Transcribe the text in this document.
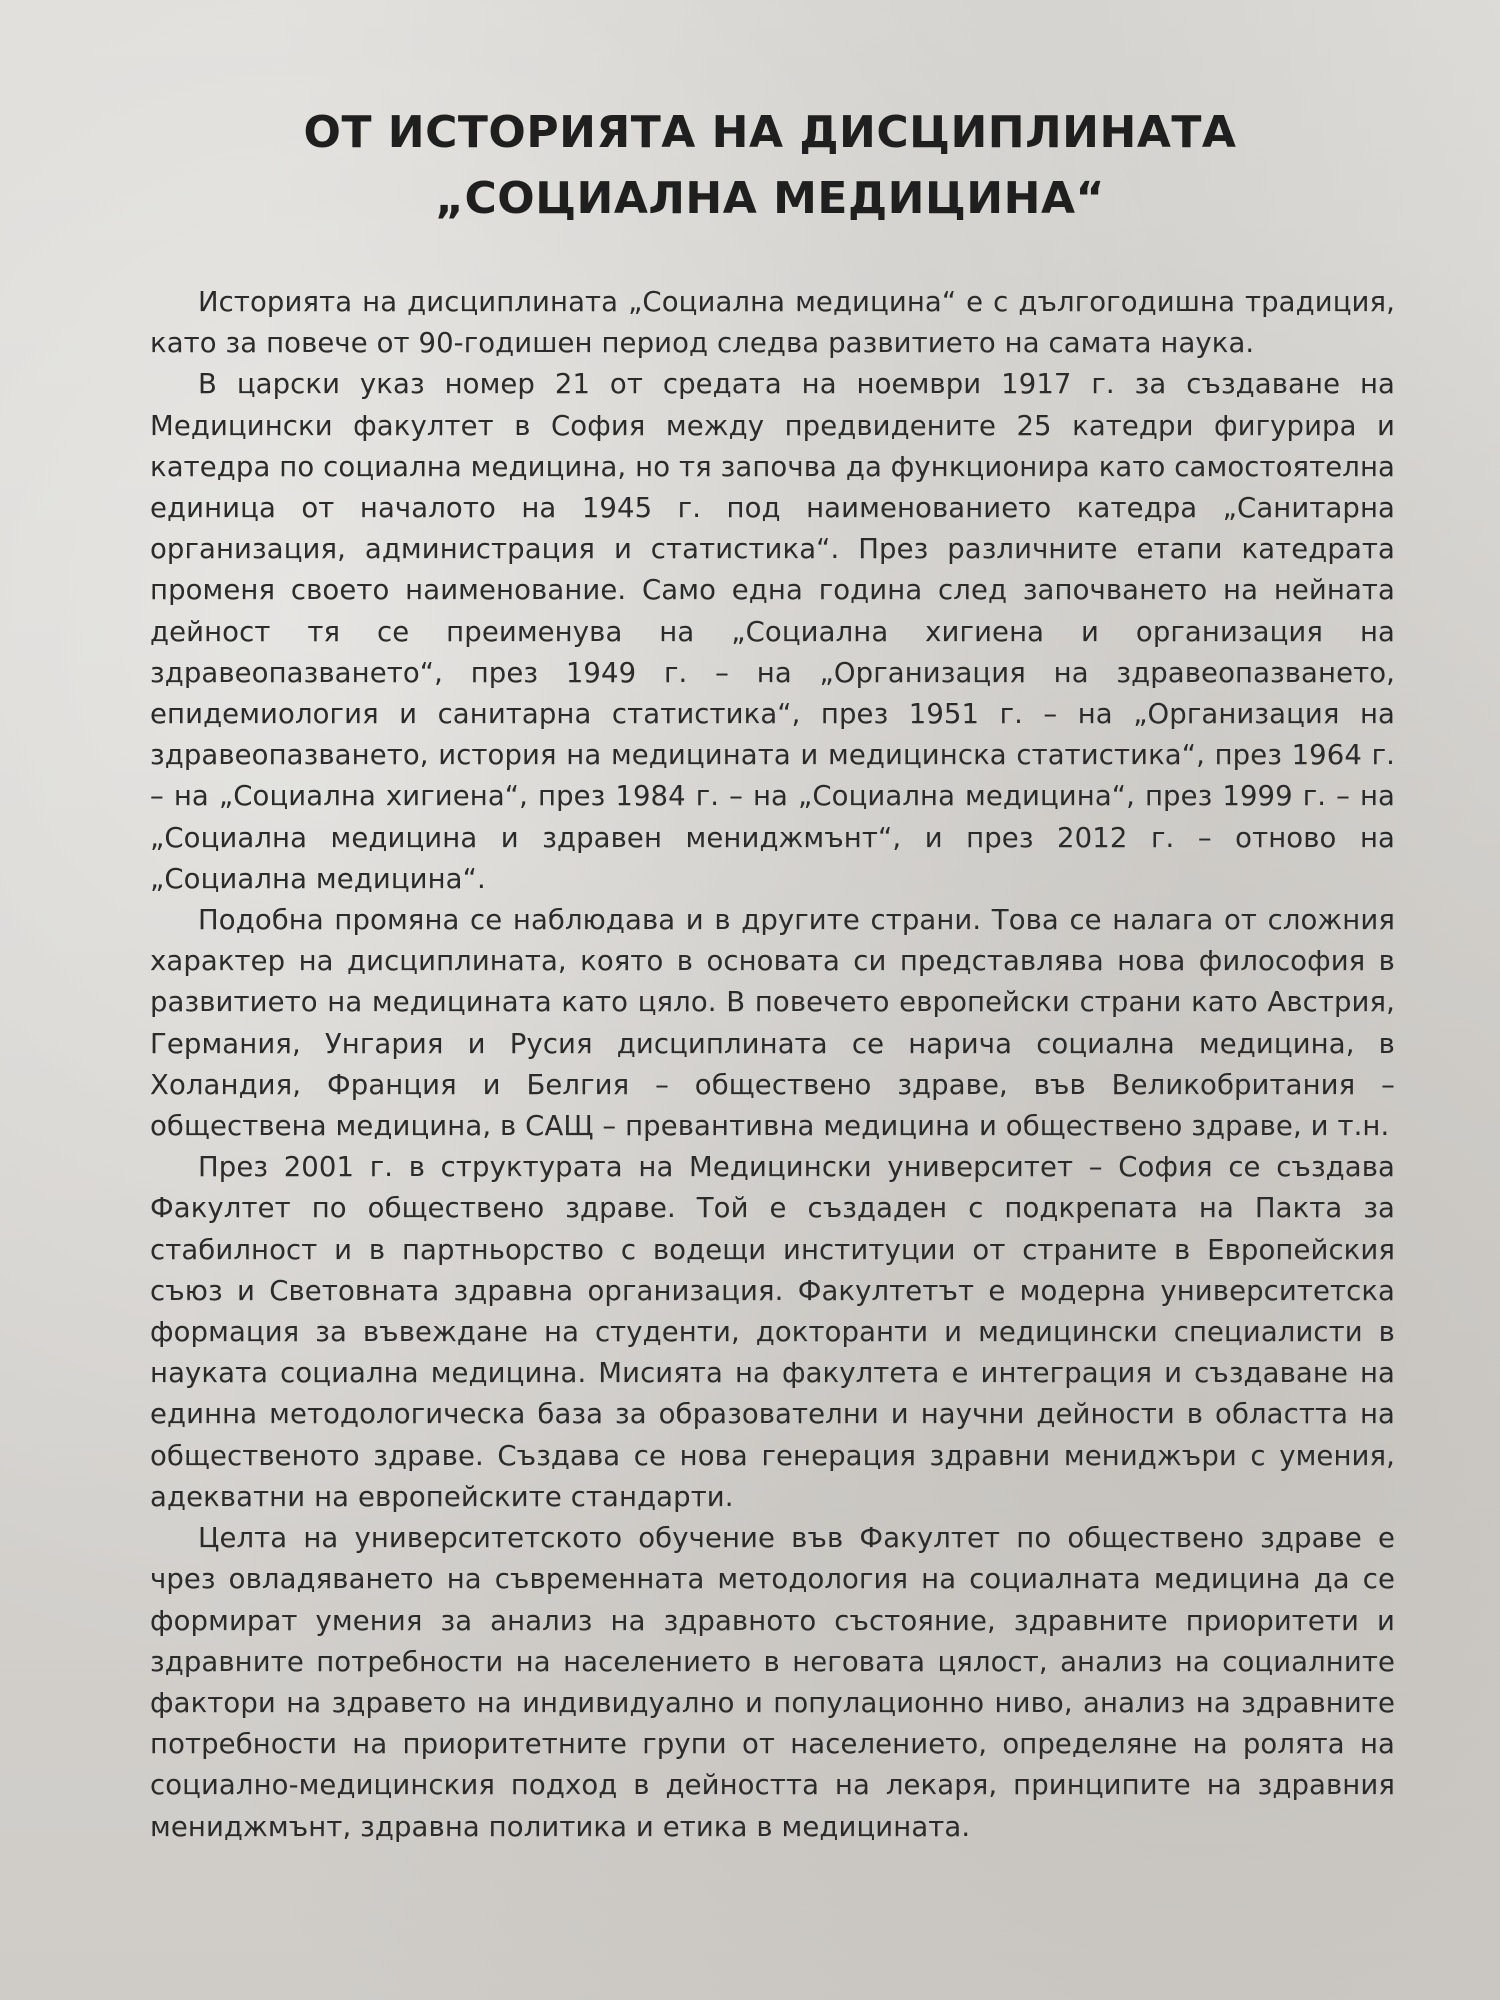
ОТ ИСТОРИЯТА НА ДИСЦИПЛИНАТА
„СОЦИАЛНА МЕДИЦИНА“

Историята на дисциплината „Социална медицина“ е с дългогодишна традиция, като за повече от 90-годишен период следва развитието на самата наука.

В царски указ номер 21 от средата на ноември 1917 г. за създаване на Медицински факултет в София между предвидените 25 катедри фигурира и катедра по социална медицина, но тя започва да функционира като самостоятелна единица от началото на 1945 г. под наименованието катедра „Санитарна организация, администрация и статистика“. През различните етапи катедрата променя своето наименование. Само една година след започването на нейната дейност тя се преименува на „Социална хигиена и организация на здравеопазването“, през 1949 г. – на „Организация на здравеопазването, епидемиология и санитарна статистика“, през 1951 г. – на „Организация на здравеопазването, история на медицината и медицинска статистика“, през 1964 г. – на „Социална хигиена“, през 1984 г. – на „Социална медицина“, през 1999 г. – на „Социална медицина и здравен мениджмънт“, и през 2012 г. – отново на „Социална медицина“.

Подобна промяна се наблюдава и в другите страни. Това се налага от сложния характер на дисциплината, която в основата си представлява нова философия в развитието на медицината като цяло. В повечето европейски страни като Австрия, Германия, Унгария и Русия дисциплината се нарича социална медицина, в Холандия, Франция и Белгия – обществено здраве, във Великобритания – обществена медицина, в САЩ – превантивна медицина и обществено здраве, и т.н.

През 2001 г. в структурата на Медицински университет – София се създава Факултет по обществено здраве. Той е създаден с подкрепата на Пакта за стабилност и в партньорство с водещи институции от страните в Европейския съюз и Световната здравна организация. Факултетът е модерна университетска формация за въвеждане на студенти, докторанти и медицински специалисти в науката социална медицина. Мисията на факултета е интеграция и създаване на единна методологическа база за образователни и научни дейности в областта на общественото здраве. Създава се нова генерация здравни мениджъри с умения, адекватни на европейските стандарти.

Целта на университетското обучение във Факултет по обществено здраве е чрез овладяването на съвременната методология на социалната медицина да се формират умения за анализ на здравното състояние, здравните приоритети и здравните потребности на населението в неговата цялост, анализ на социалните фактори на здравето на индивидуално и популационно ниво, анализ на здравните потребности на приоритетните групи от населението, определяне на ролята на социално-медицинския подход в дейността на лекаря, принципите на здравния мениджмънт, здравна политика и етика в медицината.
